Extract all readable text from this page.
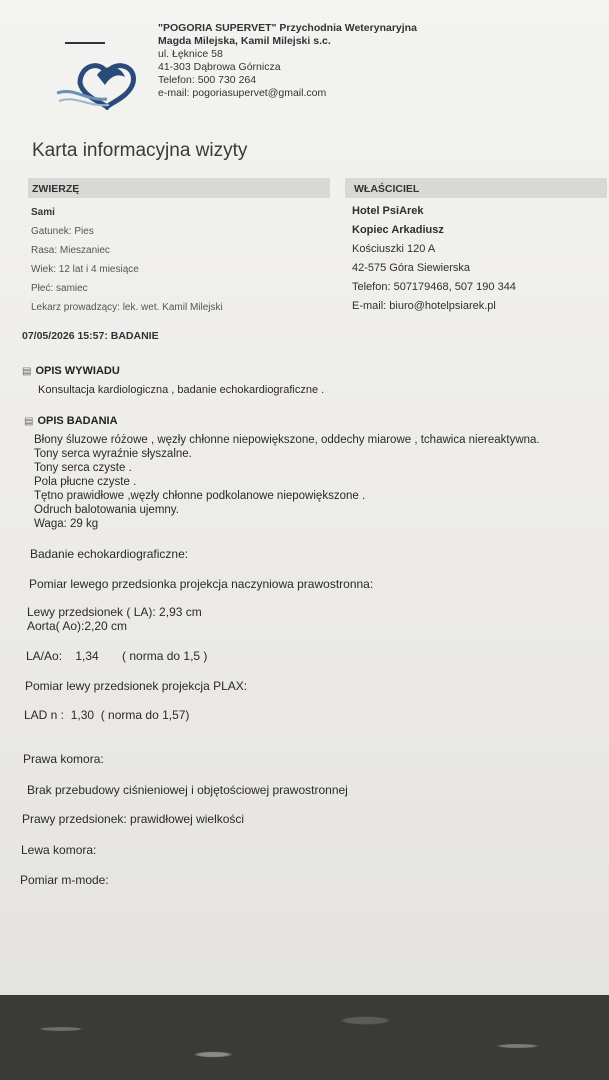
"POGORIA SUPERVET" Przychodnia Weterynaryjna
Magda Milejska, Kamil Milejski s.c.
ul. Łęknice 58
41-303 Dąbrowa Górnicza
Telefon: 500 730 264
e-mail: pogoriasupervet@gmail.com
Karta informacyjna wizyty
ZWIERZĘ	WŁAŚCICIEL
Sami
Gatunek: Pies
Rasa: Mieszaniec
Wiek: 12 lat i 4 miesiące
Płeć: samiec
Lekarz prowadzący: lek. wet. Kamil Milejski
Hotel PsiArek
Kopiec Arkadiusz
Kościuszki 120 A
42-575 Góra Siewierska
Telefon: 507179468, 507 190 344
E-mail: biuro@hotelpsiarek.pl
07/05/2026 15:57: BADANIE
▤ OPIS WYWIADU
Konsultacja kardiologiczna , badanie echokardiograficzne .
▤ OPIS BADANIA
Błony śluzowe różowe , węzły chłonne niepowiększone, oddechy miarowe , tchawica niereaktywna.
Tony serca wyraźnie słyszalne.
Tony serca czyste .
Pola płucne czyste .
Tętno prawidłowe ,węzły chłonne podkolanowe niepowiększone .
Odruch balotowania ujemny.
Waga: 29 kg
Badanie echokardiograficzne:
Pomiar lewego przedsionka projekcja naczyniowa prawostronna:
Lewy przedsionek ( LA): 2,93 cm
Aorta( Ao):2,20 cm
LA/Ao:    1,34       ( norma do 1,5 )
Pomiar lewy przedsionek projekcja PLAX:
LAD n :  1,30  ( norma do 1,57)
Prawa komora:
Brak przebudowy ciśnieniowej i objętościowej prawostronnej
Prawy przedsionek: prawidłowej wielkości
Lewa komora:
Pomiar m-mode:
